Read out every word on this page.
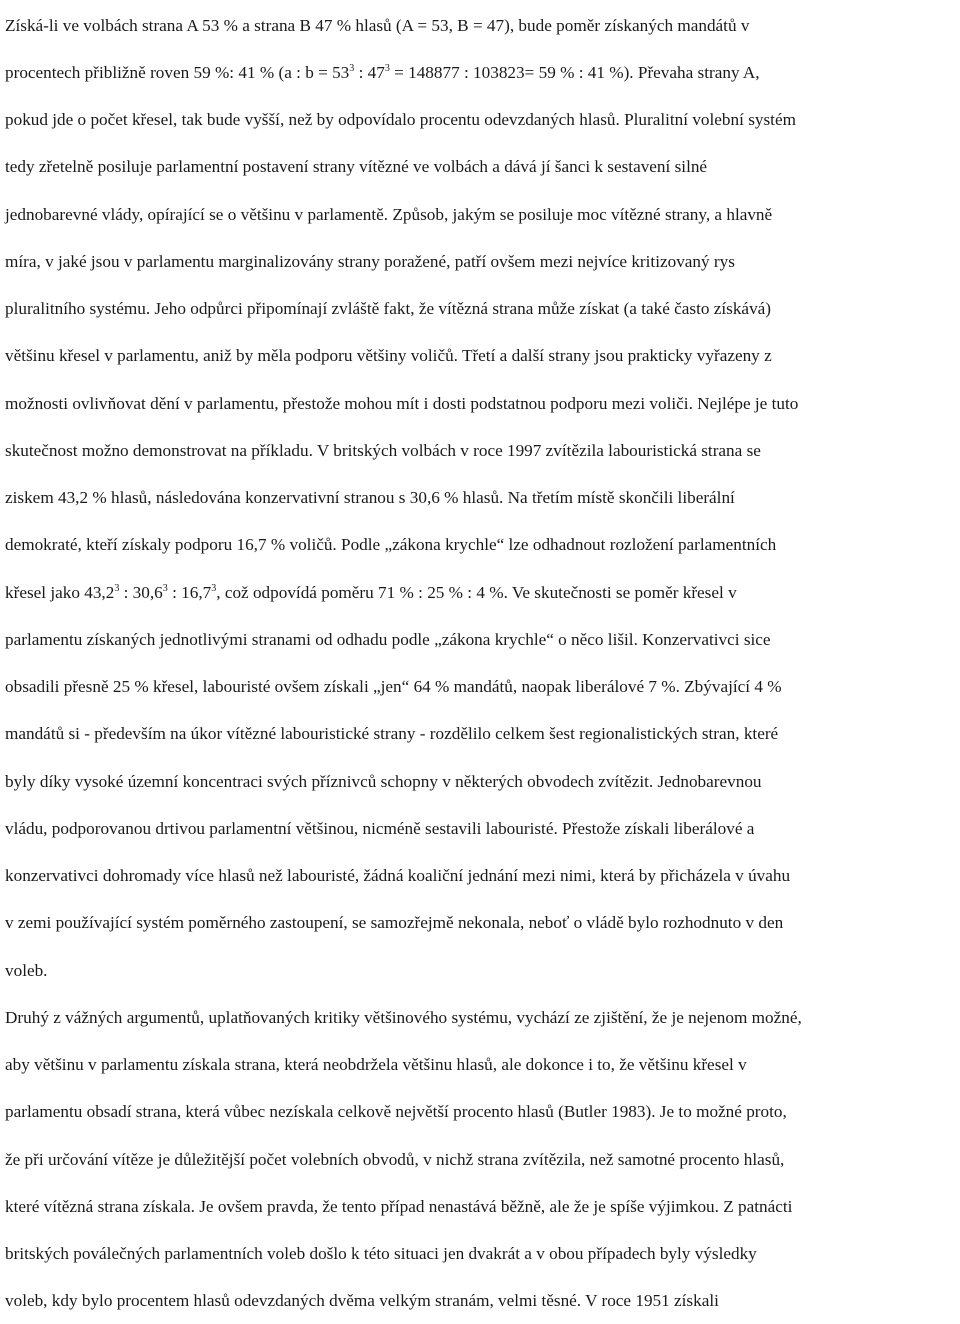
Získá-li ve volbách strana A 53 % a strana B 47 % hlasů (A = 53, B = 47), bude poměr získaných mandátů v
procentech přibližně roven 59 %: 41 % (a : $b = 53^3$ : $47^3 = 148877$ : 103823= 59 % : 41 %). Převaha strany A,
pokud jde o počet křesel, tak bude vyšší, než by odpovídalo procentu odevzdaných hlasů. Pluralitní volební systém
tedy zřetelně posiluje parlamentní postavení strany vítězné ve volbách a dává jí šanci k sestavení silné
jednobarevné vlády, opírající se o většinu v parlamentě. Způsob, jakým se posiluje moc vítězné strany, a hlavně
míra, v jaké jsou v parlamentu marginalizovány strany poražené, patří ovšem mezi nejvíce kritizovaný rys
pluralitního systému. Jeho odpůrci připomínají zvláště fakt, že vítězná strana může získat (a také často získává)
většinu křesel v parlamentu, aniž by měla podporu většiny voličů. Třetí a další strany jsou prakticky vyřazeny z
možnosti ovlivňovat dění v parlamentu, přestože mohou mít i dosti podstatnou podporu mezi voliči. Nejlépe je tuto
skutečnost možno demonstrovat na příkladu. V britských volbách v roce 1997 zvítězila labouristická strana se
ziskem 43,2 % hlasů, následována konzervativní stranou s 30,6 % hlasů. Na třetím místě skončili liberální
demokraté, kteří získaly podporu 16,7 % voličů. Podle „zákona krychle“ lze odhadnout rozložení parlamentních
křesel jako 43,2$^3$ : 30,6$^3$ : 16,7$^3$, což odpovídá poměru 71 % : 25 % : 4 %. Ve skutečnosti se poměr křesel v
parlamentu získaných jednotlivými stranami od odhadu podle „zákona krychle“ o něco lišil. Konzervativci sice
obsadili přesně 25 % křesel, labouristé ovšem získali „jen“ 64 % mandátů, naopak liberálové 7 %. Zbývající 4 %
mandátů si - především na úkor vítězné labouristické strany - rozdělilo celkem šest regionalistických stran, které
byly díky vysoké územní koncentraci svých příznivců schopny v některých obvodech zvítězit. Jednobarevnou
vládu, podporovanou drtivou parlamentní většinou, nicméně sestavili labouristé. Přestože získali liberálové a
konzervativci dohromady více hlasů než labouristé, žádná koaliční jednání mezi nimi, která by přicházela v úvahu
v zemi používající systém poměrného zastoupení, se samozřejmě nekonala, neboť o vládě bylo rozhodnuto v den
voleb.
Druhý z vážných argumentů, uplatňovaných kritiky většinového systému, vychází ze zjištění, že je nejenom možné,
aby většinu v parlamentu získala strana, která neobdržela většinu hlasů, ale dokonce i to, že většinu křesel v
parlamentu obsadí strana, která vůbec nezískala celkově největší procento hlasů (Butler 1983). Je to možné proto,
že při určování vítěze je důležitější počet volebních obvodů, v nichž strana zvítězila, než samotné procento hlasů,
které vítězná strana získala. Je ovšem pravda, že tento případ nenastává běžně, ale že je spíše výjimkou. Z patnácti
britských poválečných parlamentních voleb došlo k této situaci jen dvakrát a v obou případech byly výsledky
voleb, kdy bylo procentem hlasů odevzdaných dvěma velkým stranám, velmi těsné. V roce 1951 získali
